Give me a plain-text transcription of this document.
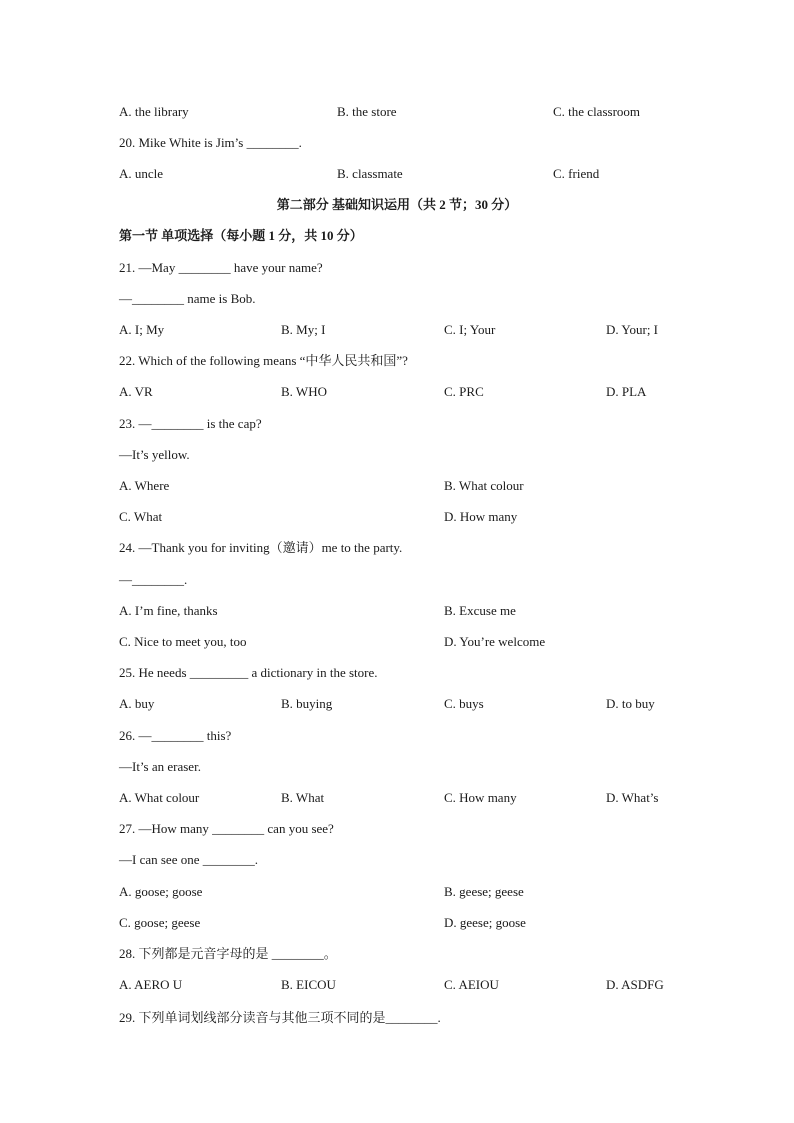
A. the library	B. the store	C. the classroom
20. Mike White is Jim’s ________.
A. uncle	B. classmate	C. friend
第二部分 基础知识运用（共 2 节；30 分）
第一节 单项选择（每小题 1 分，共 10 分）
21. —May ________ have your name?
—________ name is Bob.
A. I; My	B. My; I	C. I; Your	D. Your; I
22. Which of the following means “中华人民共和国”?
A. VR	B. WHO	C. PRC	D. PLA
23. —________ is the cap?
—It’s yellow.
A. Where	B. What colour
C. What	D. How many
24. —Thank you for inviting（邀请）me to the party.
—________.
A. I’m fine, thanks	B. Excuse me
C. Nice to meet you, too	D. You’re welcome
25. He needs _________ a dictionary in the store.
A. buy	B. buying	C. buys	D. to buy
26. —________ this?
—It’s an eraser.
A. What colour	B. What	C. How many	D. What’s
27. —How many ________ can you see?
—I can see one ________.
A. goose; goose	B. geese; geese
C. goose; geese	D. geese; goose
28. 下列都是元音字母的是 ________。
A. AERO U	B. EICOU	C. AEIOU	D. ASDFG
29. 下列单词划线部分读音与其他三项不同的是________.
